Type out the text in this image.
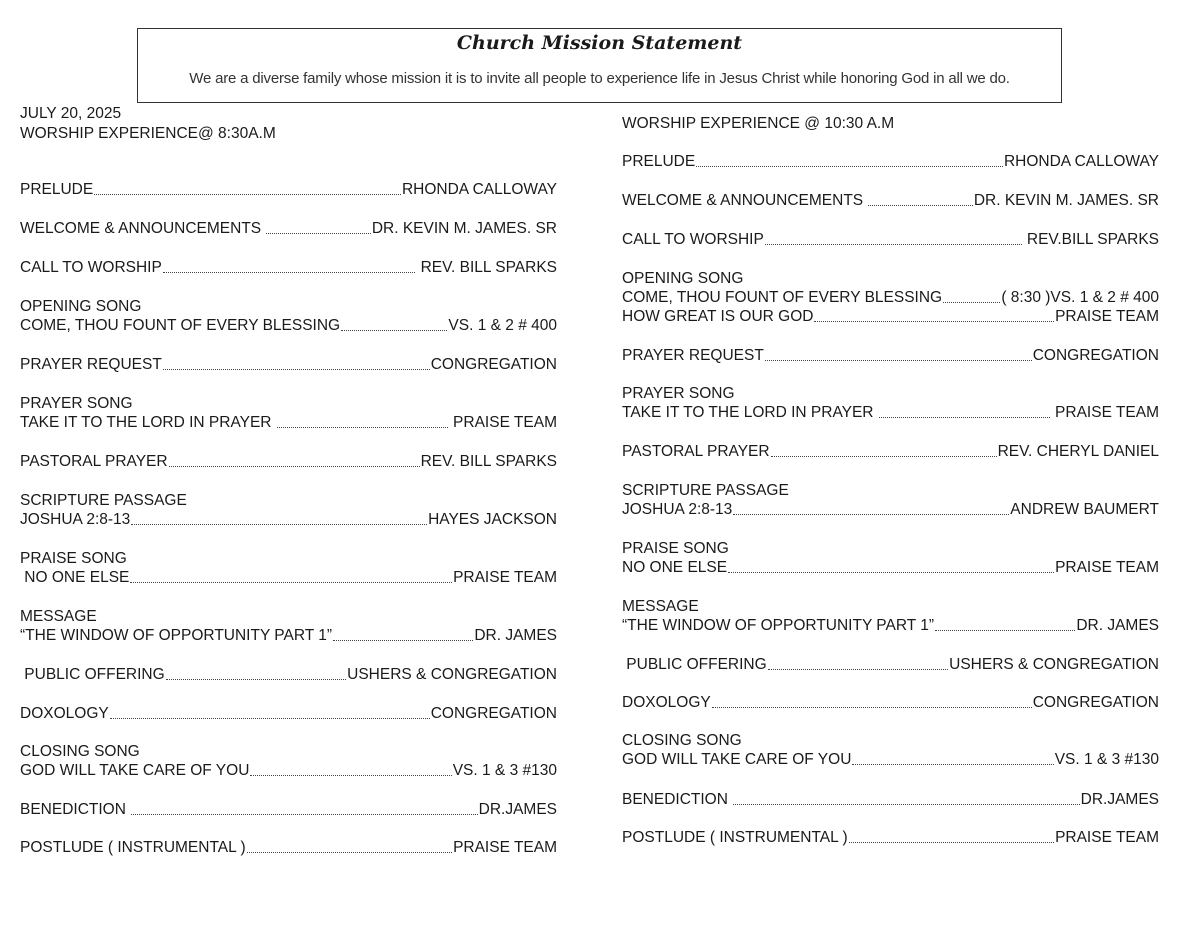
Church Mission Statement
We are a diverse family whose mission it is to invite all people to experience life in Jesus Christ while honoring God in all we do.
JULY 20, 2025
WORSHIP EXPERIENCE@ 8:30A.M
PRELUDE	RHONDA CALLOWAY
WELCOME & ANNOUNCEMENTS	DR. KEVIN M. JAMES. SR
CALL TO WORSHIP	REV. BILL SPARKS
OPENING SONG
COME, THOU FOUNT OF EVERY BLESSING	VS. 1 & 2 # 400
PRAYER REQUEST	CONGREGATION
PRAYER SONG
TAKE IT TO THE LORD IN PRAYER	PRAISE TEAM
PASTORAL PRAYER	REV. BILL SPARKS
SCRIPTURE PASSAGE
JOSHUA 2:8-13	HAYES JACKSON
PRAISE SONG
NO ONE ELSE	PRAISE TEAM
MESSAGE
“THE WINDOW OF OPPORTUNITY PART 1”	DR. JAMES
PUBLIC OFFERING	USHERS & CONGREGATION
DOXOLOGY	CONGREGATION
CLOSING SONG
GOD WILL TAKE CARE OF YOU	VS. 1 & 3 #130
BENEDICTION	DR.JAMES
POSTLUDE ( INSTRUMENTAL )	PRAISE TEAM
WORSHIP EXPERIENCE @ 10:30 A.M
PRELUDE	RHONDA CALLOWAY
WELCOME & ANNOUNCEMENTS	DR. KEVIN M. JAMES. SR
CALL TO WORSHIP	REV.BILL SPARKS
OPENING SONG
COME, THOU FOUNT OF EVERY BLESSING	( 8:30 )VS. 1 & 2 # 400
HOW GREAT IS OUR GOD	PRAISE TEAM
PRAYER REQUEST	CONGREGATION
PRAYER SONG
TAKE IT TO THE LORD IN PRAYER	PRAISE TEAM
PASTORAL PRAYER	REV. CHERYL DANIEL
SCRIPTURE PASSAGE
JOSHUA 2:8-13	ANDREW BAUMERT
PRAISE SONG
NO ONE ELSE	PRAISE TEAM
MESSAGE
“THE WINDOW OF OPPORTUNITY PART 1”	DR. JAMES
PUBLIC OFFERING	USHERS & CONGREGATION
DOXOLOGY	CONGREGATION
CLOSING SONG
GOD WILL TAKE CARE OF YOU	VS. 1 & 3 #130
BENEDICTION	DR.JAMES
POSTLUDE ( INSTRUMENTAL )	PRAISE TEAM
